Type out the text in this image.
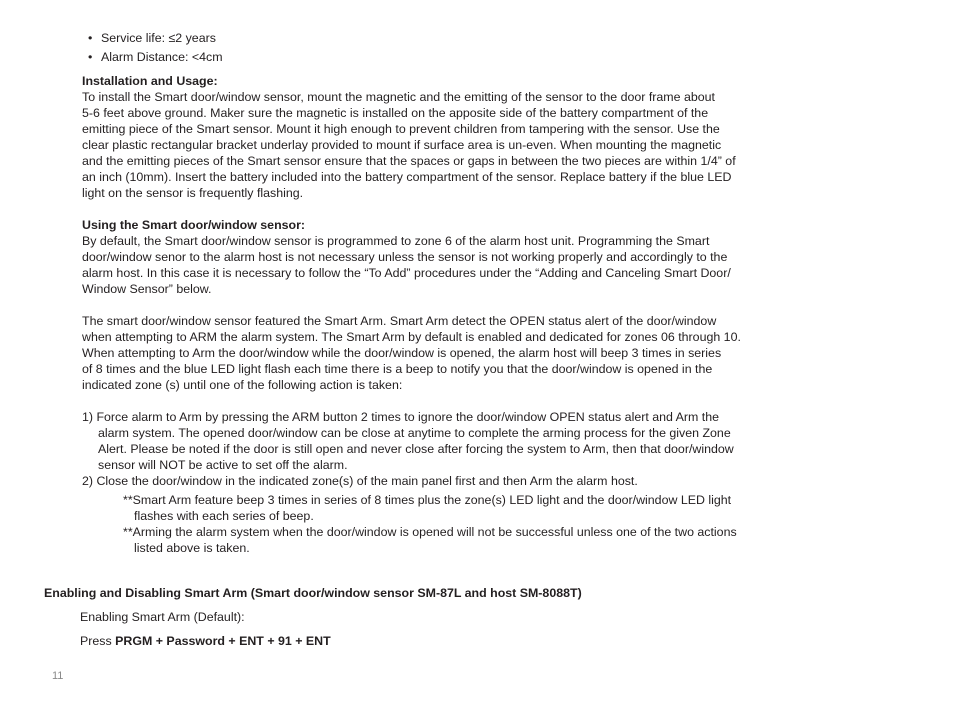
• Service life: ≤2 years
• Alarm Distance: <4cm

Installation and Usage:

To install the Smart door/window sensor, mount the magnetic and the emitting of the sensor to the door frame about

5-6 feet above ground. Maker sure the magnetic is installed on the apposite side of the battery compartment of the

emitting piece of the Smart sensor. Mount it high enough to prevent children from tampering with the sensor. Use the

clear plastic rectangular bracket underlay provided to mount if surface area is un-even. When mounting the magnetic

and the emitting pieces of the Smart sensor ensure that the spaces or gaps in between the two pieces are within 1/4” of

an inch (10mm). Insert the battery included into the battery compartment of the sensor. Replace battery if the blue LED

light on the sensor is frequently flashing.

Using the Smart door/window sensor:

By default, the Smart door/window sensor is programmed to zone 6 of the alarm host unit. Programming the Smart

door/window senor to the alarm host is not necessary unless the sensor is not working properly and accordingly to the

alarm host. In this case it is necessary to follow the “To Add” procedures under the “Adding and Canceling Smart Door/

Window Sensor” below.

The smart door/window sensor featured the Smart Arm. Smart Arm detect the OPEN status alert of the door/window

when attempting to ARM the alarm system. The Smart Arm by default is enabled and dedicated for zones 06 through 10.

When attempting to Arm the door/window while the door/window is opened, the alarm host will beep 3 times in series

of 8 times and the blue LED light flash each time there is a beep to notify you that the door/window is opened in the

indicated zone (s) until one of the following action is taken:

1) Force alarm to Arm by pressing the ARM button 2 times to ignore the door/window OPEN status alert and Arm the

alarm system. The opened door/window can be close at anytime to complete the arming process for the given Zone

Alert. Please be noted if the door is still open and never close after forcing the system to Arm, then that door/window

sensor will NOT be active to set off the alarm.

2) Close the door/window in the indicated zone(s) of the main panel first and then Arm the alarm host.

**Smart Arm feature beep 3 times in series of 8 times plus the zone(s) LED light and the door/window LED light

flashes with each series of beep.

**Arming the alarm system when the door/window is opened will not be successful unless one of the two actions

listed above is taken.

Enabling and Disabling Smart Arm (Smart door/window sensor SM-87L and host SM-8088T)
Enabling Smart Arm (Default):
Press PRGM + Password + ENT + 91 + ENT
11
